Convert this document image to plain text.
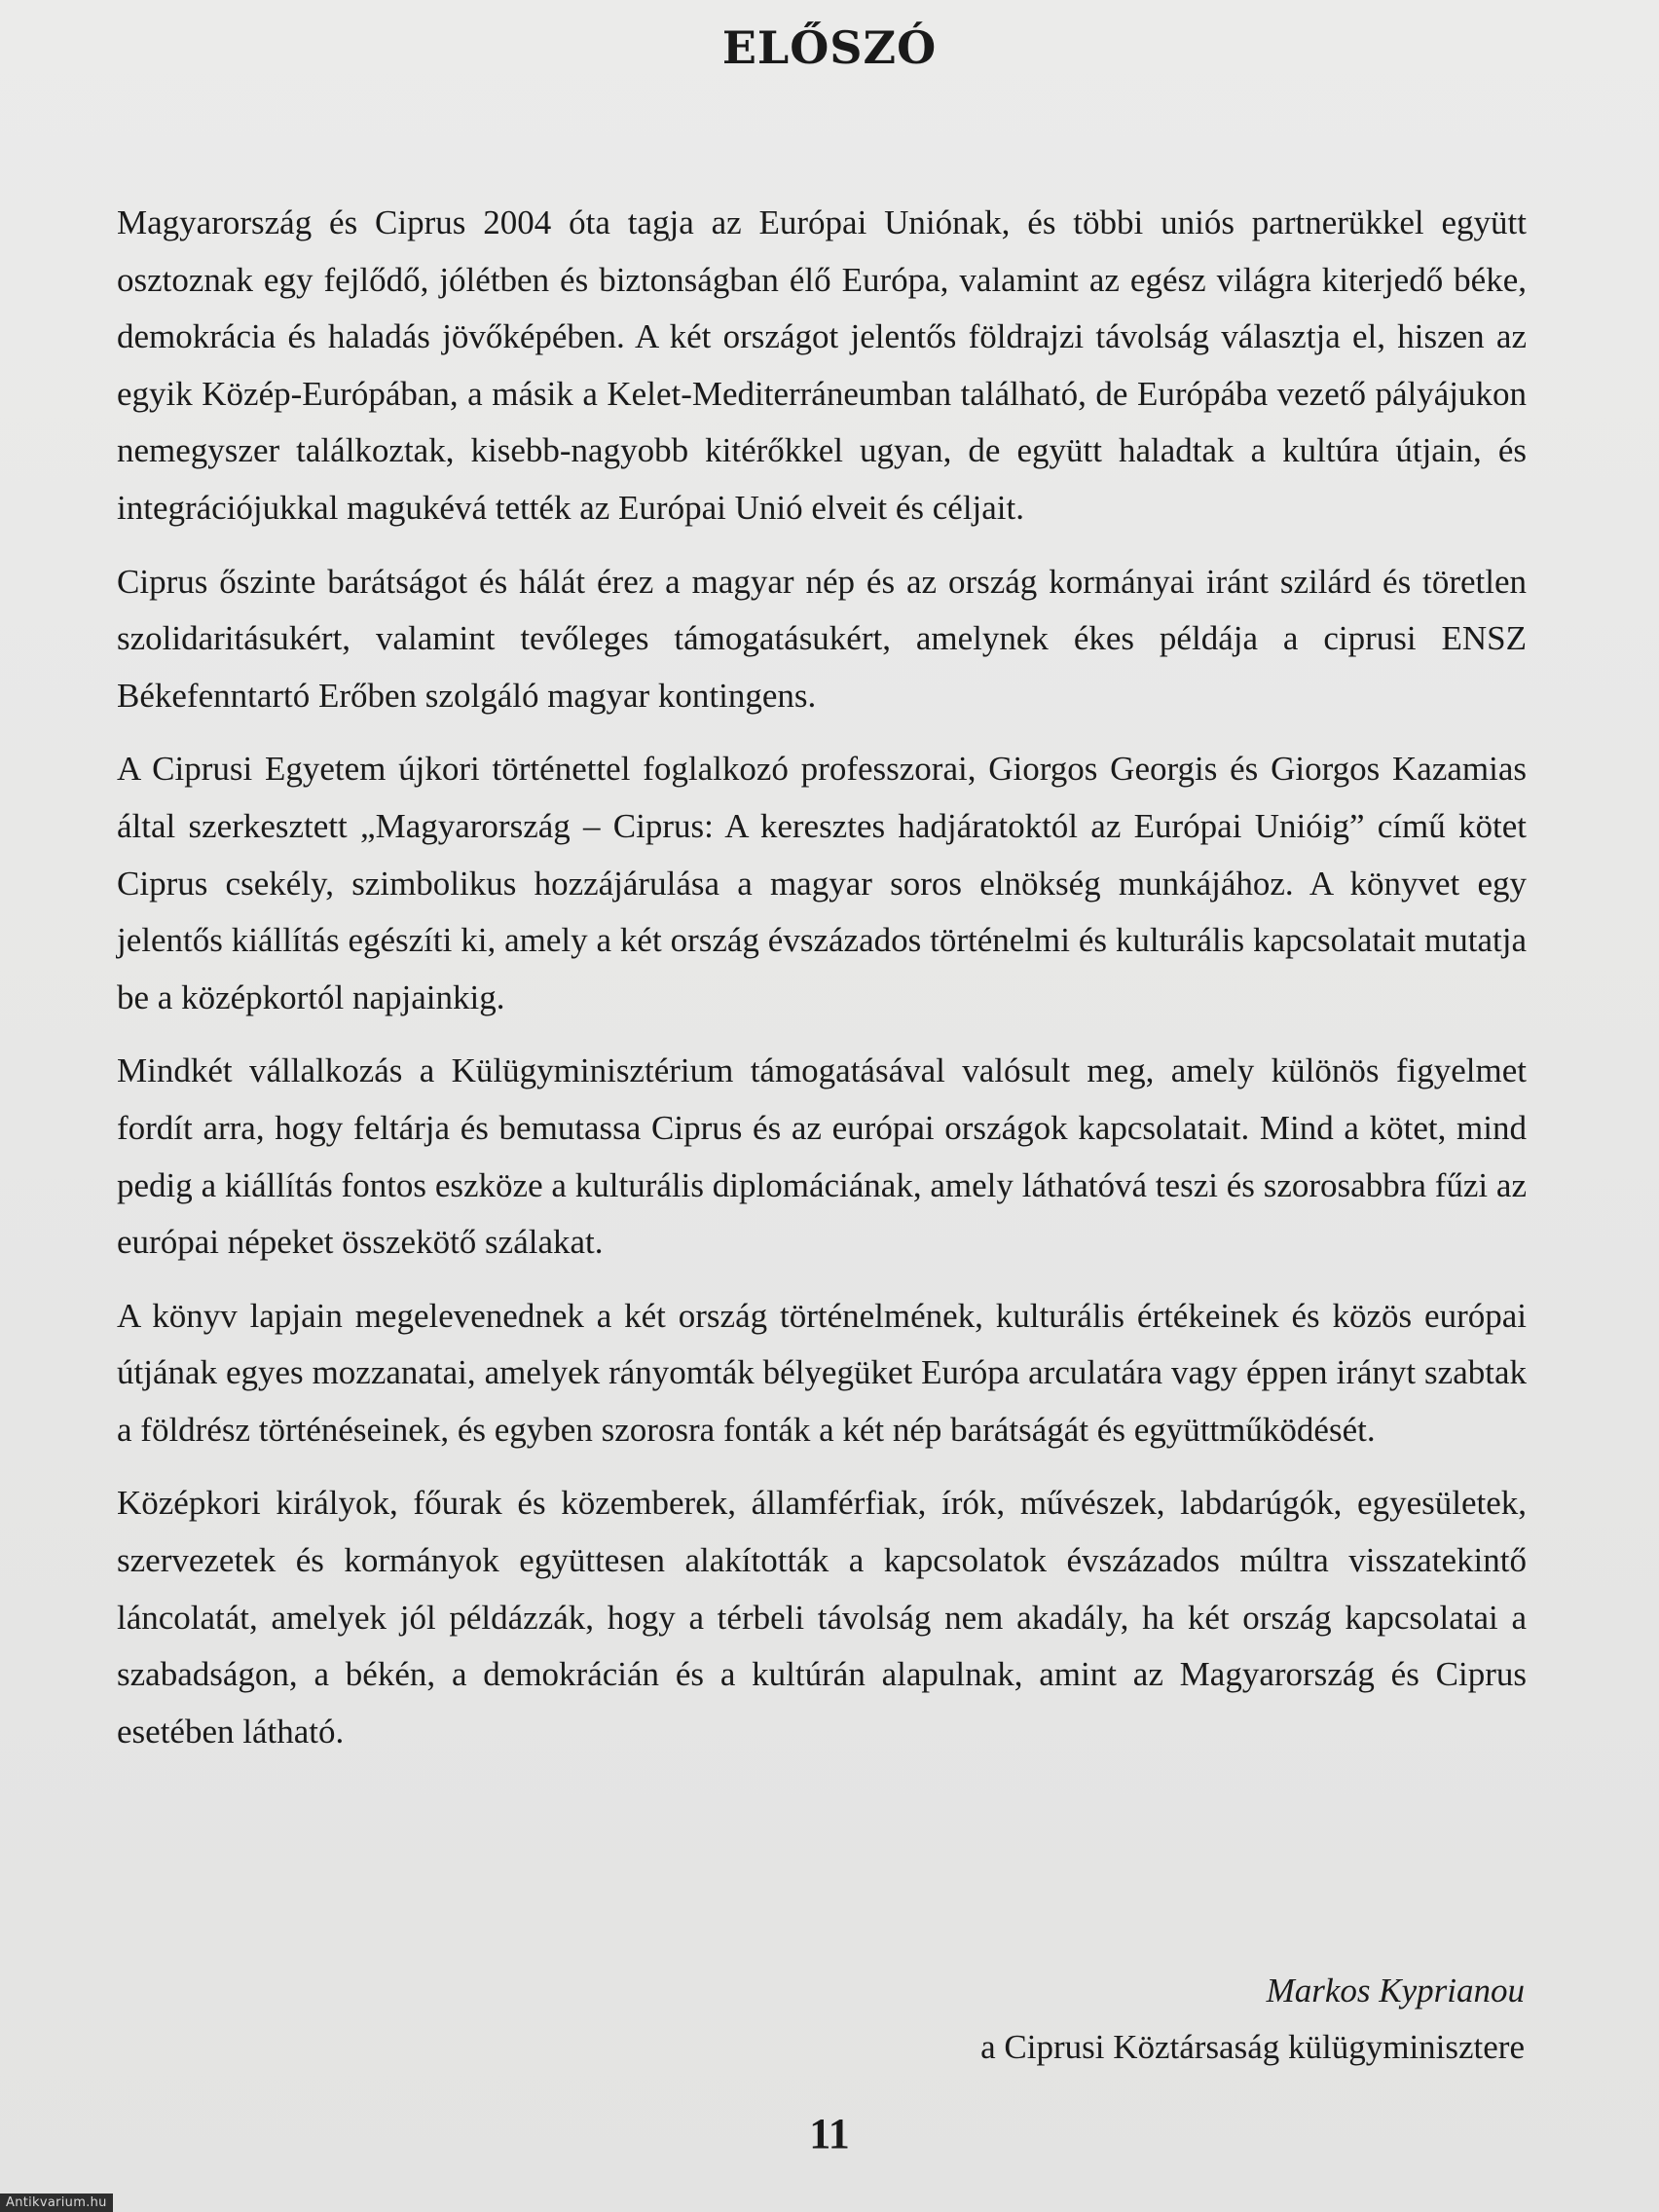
ELŐSZÓ

Magyarország és Ciprus 2004 óta tagja az Európai Uniónak, és többi uniós partnerükkel együtt osztoznak egy fejlődő, jólétben és biztonságban élő Európa, valamint az egész világra kiterjedő béke, demokrácia és haladás jövőképében. A két országot jelentős földrajzi távolság választja el, hiszen az egyik Közép-Európában, a másik a Kelet-Mediterráneumban található, de Európába vezető pályájukon nemegyszer találkoztak, kisebb-nagyobb kitérőkkel ugyan, de együtt haladtak a kultúra útjain, és integrációjukkal magukévá tették az Európai Unió elveit és céljait.

Ciprus őszinte barátságot és hálát érez a magyar nép és az ország kormányai iránt szilárd és töretlen szolidaritásukért, valamint tevőleges támogatásukért, amelynek ékes példája a ciprusi ENSZ Békefenntartó Erőben szolgáló magyar kontingens.

A Ciprusi Egyetem újkori történettel foglalkozó professzorai, Giorgos Georgis és Giorgos Kazamias által szerkesztett „Magyarország – Ciprus: A keresztes hadjáratoktól az Európai Unióig” című kötet Ciprus csekély, szimbolikus hozzájárulása a magyar soros elnökség munkájához. A könyvet egy jelentős kiállítás egészíti ki, amely a két ország évszázados történelmi és kulturális kapcsolatait mutatja be a középkortól napjainkig.

Mindkét vállalkozás a Külügyminisztérium támogatásával valósult meg, amely különös figyelmet fordít arra, hogy feltárja és bemutassa Ciprus és az európai országok kapcsolatait. Mind a kötet, mind pedig a kiállítás fontos eszköze a kulturális diplomáciának, amely láthatóvá teszi és szorosabbra fűzi az európai népeket összekötő szálakat.

A könyv lapjain megelevenednek a két ország történelmének, kulturális értékeinek és közös európai útjának egyes mozzanatai, amelyek rányomták bélyegüket Európa arculatára vagy éppen irányt szabtak a földrész történéseinek, és egyben szorosra fonták a két nép barátságát és együttműködését.

Középkori királyok, főurak és közemberek, államférfiak, írók, művészek, labdarúgók, egyesületek, szervezetek és kormányok együttesen alakították a kapcsolatok évszázados múltra visszatekintő láncolatát, amelyek jól példázzák, hogy a térbeli távolság nem akadály, ha két ország kapcsolatai a szabadságon, a békén, a demokrácián és a kultúrán alapulnak, amint az Magyarország és Ciprus esetében látható.

Markos Kyprianou
a Ciprusi Köztársaság külügyminisztere
11
Antikvarium.hu
